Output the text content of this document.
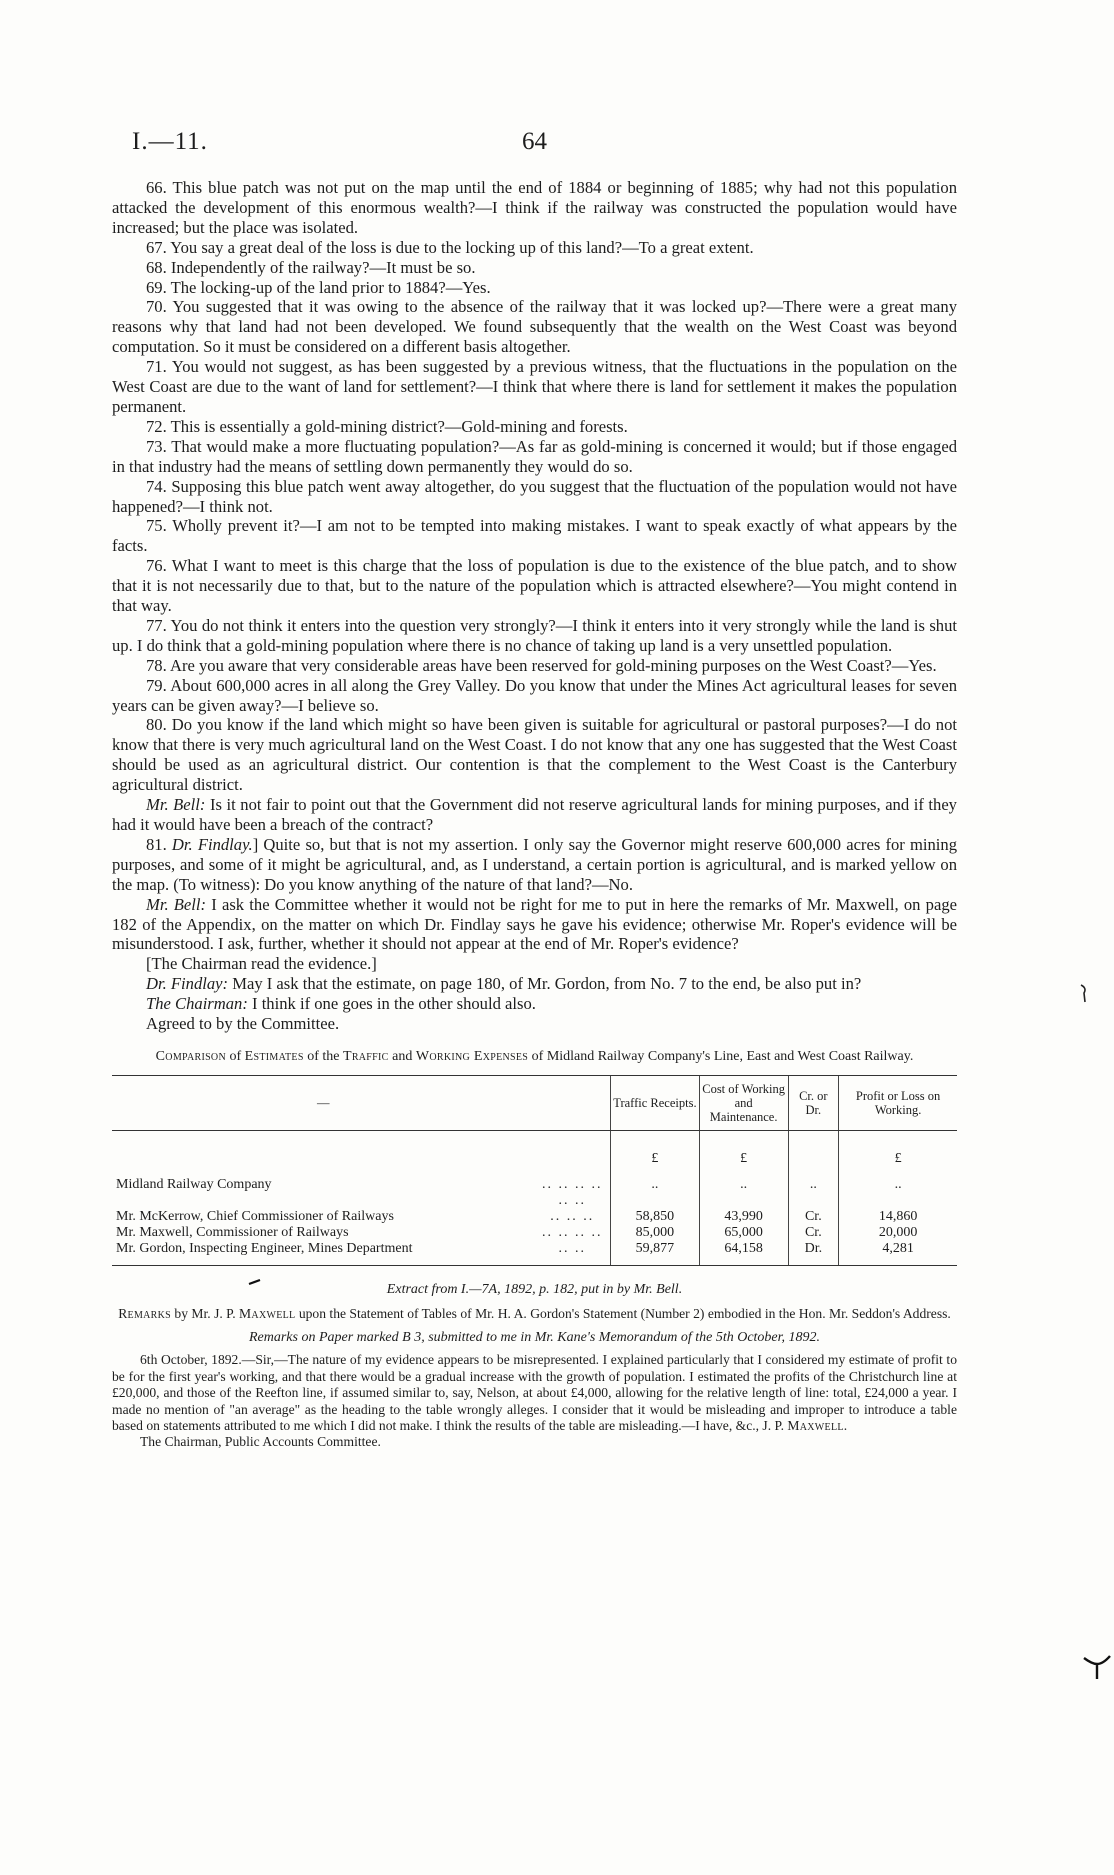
I.—11.	64

66. This blue patch was not put on the map until the end of 1884 or beginning of 1885; why had not this population attacked the development of this enormous wealth?—I think if the railway was constructed the population would have increased; but the place was isolated.

67. You say a great deal of the loss is due to the locking up of this land?—To a great extent.

68. Independently of the railway?—It must be so.

69. The locking-up of the land prior to 1884?—Yes.

70. You suggested that it was owing to the absence of the railway that it was locked up?—There were a great many reasons why that land had not been developed. We found subsequently that the wealth on the West Coast was beyond computation. So it must be considered on a different basis altogether.

71. You would not suggest, as has been suggested by a previous witness, that the fluctuations in the population on the West Coast are due to the want of land for settlement?—I think that where there is land for settlement it makes the population permanent.

72. This is essentially a gold-mining district?—Gold-mining and forests.

73. That would make a more fluctuating population?—As far as gold-mining is concerned it would; but if those engaged in that industry had the means of settling down permanently they would do so.

74. Supposing this blue patch went away altogether, do you suggest that the fluctuation of the population would not have happened?—I think not.

75. Wholly prevent it?—I am not to be tempted into making mistakes. I want to speak exactly of what appears by the facts.

76. What I want to meet is this charge that the loss of population is due to the existence of the blue patch, and to show that it is not necessarily due to that, but to the nature of the population which is attracted elsewhere?—You might contend in that way.

77. You do not think it enters into the question very strongly?—I think it enters into it very strongly while the land is shut up. I do think that a gold-mining population where there is no chance of taking up land is a very unsettled population.

78. Are you aware that very considerable areas have been reserved for gold-mining purposes on the West Coast?—Yes.

79. About 600,000 acres in all along the Grey Valley. Do you know that under the Mines Act agricultural leases for seven years can be given away?—I believe so.

80. Do you know if the land which might so have been given is suitable for agricultural or pastoral purposes?—I do not know that there is very much agricultural land on the West Coast. I do not know that any one has suggested that the West Coast should be used as an agricultural district. Our contention is that the complement to the West Coast is the Canterbury agricultural district.

Mr. Bell: Is it not fair to point out that the Government did not reserve agricultural lands for mining purposes, and if they had it would have been a breach of the contract?

81. Dr. Findlay.] Quite so, but that is not my assertion. I only say the Governor might reserve 600,000 acres for mining purposes, and some of it might be agricultural, and, as I understand, a certain portion is agricultural, and is marked yellow on the map. (To witness): Do you know anything of the nature of that land?—No.

Mr. Bell: I ask the Committee whether it would not be right for me to put in here the remarks of Mr. Maxwell, on page 182 of the Appendix, on the matter on which Dr. Findlay says he gave his evidence; otherwise Mr. Roper's evidence will be misunderstood. I ask, further, whether it should not appear at the end of Mr. Roper's evidence?

[The Chairman read the evidence.]

Dr. Findlay: May I ask that the estimate, on page 180, of Mr. Gordon, from No. 7 to the end, be also put in?

The Chairman: I think if one goes in the other should also.

Agreed to by the Committee.

Comparison of Estimates of the Traffic and Working Expenses of Midland Railway Company's Line, East and West Coast Railway.
—		Traffic Receipts.	Cost of Working and Maintenance.	Cr. or Dr.	Profit or Loss on Working.
		£	£		£
Midland Railway Company	.. .. .. .. .. ..	..	..	..	..
Mr. McKerrow, Chief Commissioner of Railways	.. .. ..	58,850	43,990	Cr.	14,860
Mr. Maxwell, Commissioner of Railways	.. .. .. ..	85,000	65,000	Cr.	20,000
Mr. Gordon, Inspecting Engineer, Mines Department	.. ..	59,877	64,158	Dr.	4,281
Extract from I.—7A, 1892, p. 182, put in by Mr. Bell.
Remarks by Mr. J. P. Maxwell upon the Statement of Tables of Mr. H. A. Gordon's Statement (Number 2) embodied in the Hon. Mr. Seddon's Address.
Remarks on Paper marked B 3, submitted to me in Mr. Kane's Memorandum of the 5th October, 1892.

6th October, 1892.—Sir,—The nature of my evidence appears to be misrepresented. I explained particularly that I considered my estimate of profit to be for the first year's working, and that there would be a gradual increase with the growth of population. I estimated the profits of the Christchurch line at £20,000, and those of the Reefton line, if assumed similar to, say, Nelson, at about £4,000, allowing for the relative length of line: total, £24,000 a year. I made no mention of "an average" as the heading to the table wrongly alleges. I consider that it would be misleading and improper to introduce a table based on statements attributed to me which I did not make. I think the results of the table are misleading.—I have, &c., J. P. Maxwell.

The Chairman, Public Accounts Committee.
